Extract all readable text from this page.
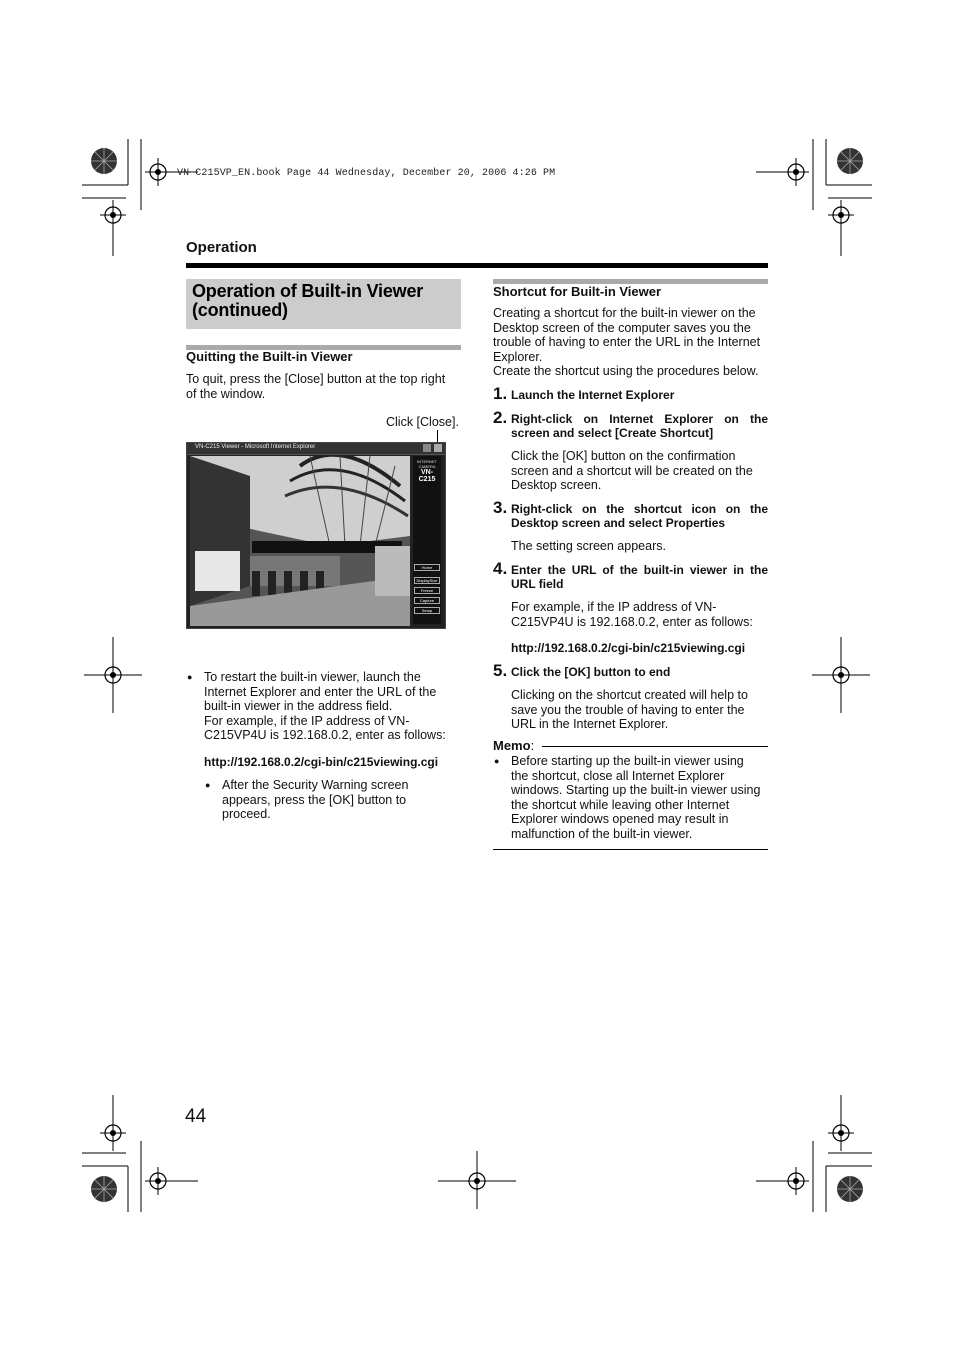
VN-C215VP_EN.book Page 44 Wednesday, December 20, 2006 4:26 PM
Operation
Operation of Built-in Viewer
(continued)
Quitting the Built-in Viewer
To quit, press the [Close] button at the top right
of the window.
Click [Close].
VN-C215 Viewer - Microsoft Internet Explorer
INTERNET CAMERA
VN-C215
Home
DisplaySize
Freeze
Capture
Setup
● To restart the built-in viewer, launch the
Internet Explorer and enter the URL of the
built-in viewer in the address field.
For example, if the IP address of VN-
C215VP4U is 192.168.0.2, enter as follows:
http://192.168.0.2/cgi-bin/c215viewing.cgi
● After the Security Warning screen
appears, press the [OK] button to
proceed.
Shortcut for Built-in Viewer
Creating a shortcut for the built-in viewer on the
Desktop screen of the computer saves you the
trouble of having to enter the URL in the Internet
Explorer.
Create the shortcut using the procedures below.
1. Launch the Internet Explorer
2. Right-click on Internet Explorer on the
screen and select [Create Shortcut]
Click the [OK] button on the confirmation
screen and a shortcut will be created on the
Desktop screen.
3. Right-click on the shortcut icon on the
Desktop screen and select Properties
The setting screen appears.
4. Enter the URL of the built-in viewer in the
URL field
For example, if the IP address of VN-
C215VP4U is 192.168.0.2, enter as follows:
http://192.168.0.2/cgi-bin/c215viewing.cgi
5. Click the [OK] button to end
Clicking on the shortcut created will help to
save you the trouble of having to enter the
URL in the Internet Explorer.
Memo:
● Before starting up the built-in viewer using
the shortcut, close all Internet Explorer
windows. Starting up the built-in viewer using
the shortcut while leaving other Internet
Explorer windows opened may result in
malfunction of the built-in viewer.
44
